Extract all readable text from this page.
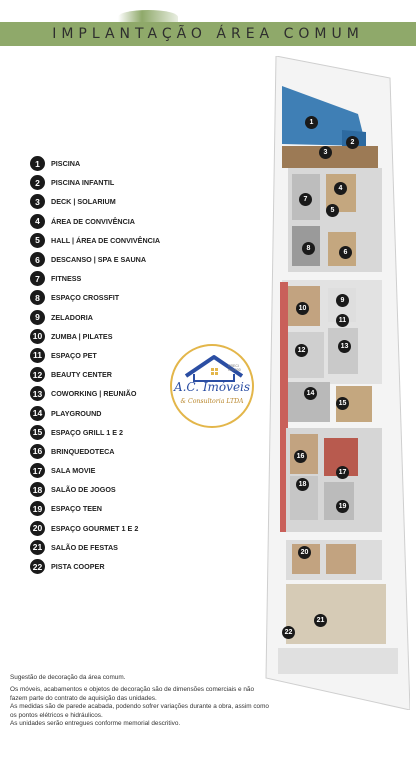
IMPLANTAÇÃO ÁREA COMUM
1	PISCINA
2	PISCINA INFANTIL
3	DECK | SOLARIUM
4	ÁREA DE CONVIVÊNCIA
5	HALL | ÁREA DE CONVIVÊNCIA
6	DESCANSO | SPA E SAUNA
7	FITNESS
8	ESPAÇO CROSSFIT
9	ZELADORIA
10	ZUMBA | PILATES
11	ESPAÇO PET
12	BEAUTY CENTER
13	COWORKING | REUNIÃO
14	PLAYGROUND
15	ESPAÇO GRILL 1 E 2
16	BRINQUEDOTECA
17	SALA MOVIE
18	SALÃO DE JOGOS
19	ESPAÇO TEEN
20	ESPAÇO GOURMET 1 E 2
21	SALÃO DE FESTAS
22	PISTA COOPER
CRECI 000.000
A.C. Imóveis
& Consultoria LTDA
1
2
3
4
5
6
7
8
9
10
11
12
13
14
15
16
17
18
19
20
21
22
Sugestão de decoração da área comum.
Os móveis, acabamentos e objetos de decoração são de dimensões comerciais e não fazem parte do contrato de aquisição das unidades.
As medidas são de parede acabada, podendo sofrer variações durante a obra, assim como os pontos elétricos e hidráulicos.
As unidades serão entregues conforme memorial descritivo.
